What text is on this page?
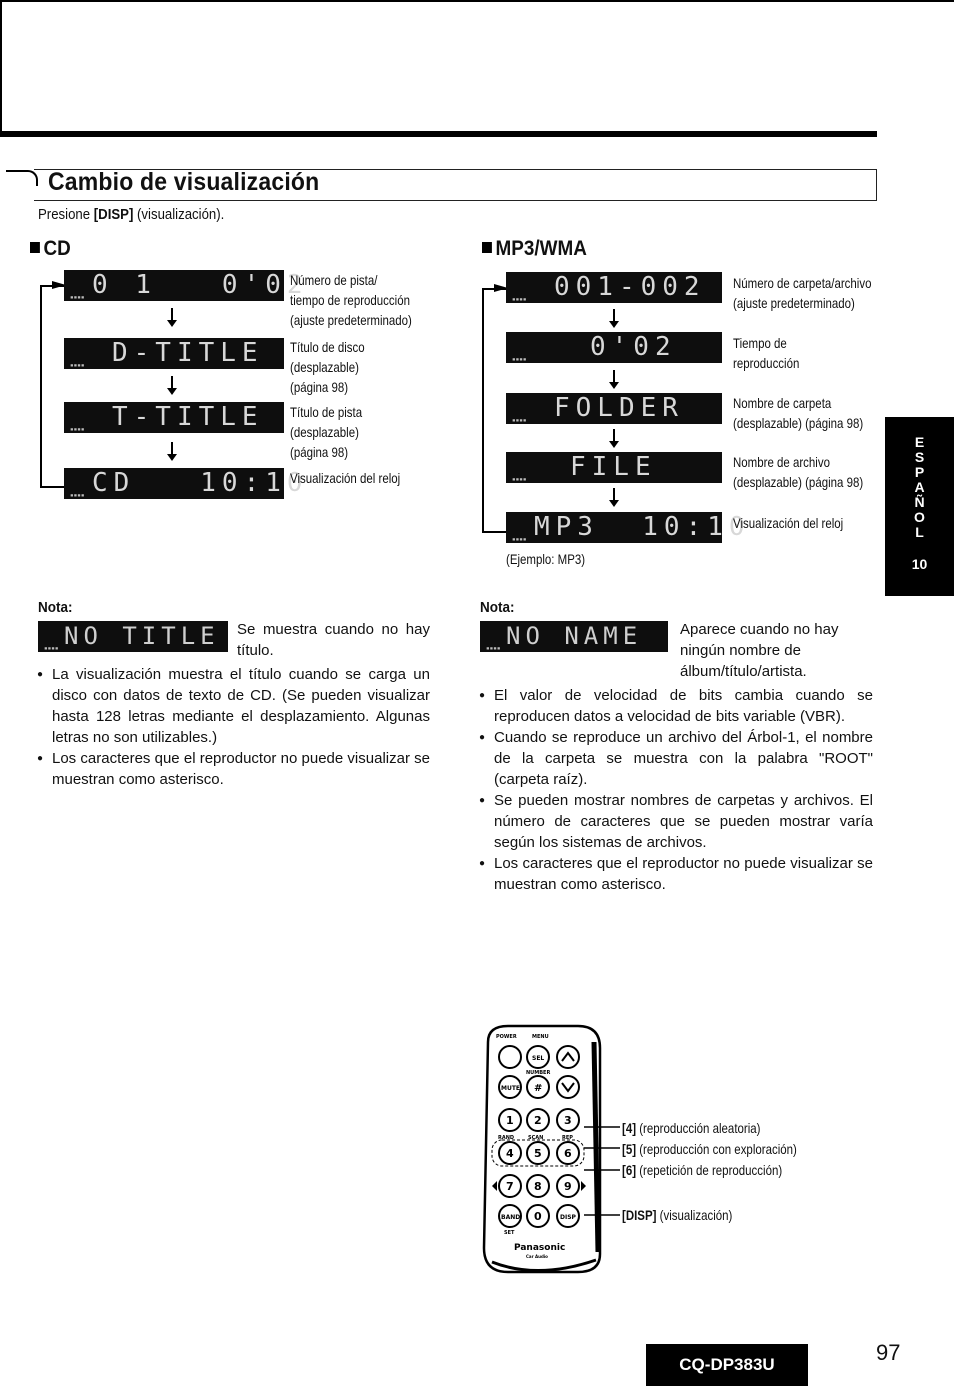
Cambio de visualización
Presione [DISP] (visualización).
CD
▪▪▪▪ 0 1   0'02
▪▪▪▪ D-TITLE
▪▪▪▪ T-TITLE
▪▪▪▪ CD   10:10
Número de pista/
tiempo de reproducción
(ajuste predeterminado)
Título de disco
(desplazable)
(página 98)
Título de pista
(desplazable)
(página 98)
Visualización del reloj
MP3/WMA
▪▪▪▪ 001-002
▪▪▪▪ 0'02
▪▪▪▪ FOLDER
▪▪▪▪ FILE
▪▪▪▪ MP3  10:10
(Ejemplo: MP3)
Número de carpeta/archivo
(ajuste predeterminado)
Tiempo de
reproducción
Nombre de carpeta
(desplazable) (página 98)
Nombre de archivo
(desplazable) (página 98)
Visualización del reloj
E
S
P
A
Ñ
O
L
10
Nota:
▪▪▪▪ NO TITLE Se muestra cuando no hay título.
● La visualización muestra el título cuando se carga un disco con datos de texto de CD. (Se pueden visualizar hasta 128 letras mediante el desplazamiento. Algunas letras no son utilizables.)
● Los caracteres que el reproductor no puede visualizar se muestran como asterisco.
Nota:
▪▪▪▪ NO NAME	Aparece cuando no hay ningún nombre de álbum/título/artista.
● El valor de velocidad de bits cambia cuando se reproducen datos a velocidad de bits variable (VBR).
● Cuando se reproduce un archivo del Árbol-1, el nombre de la carpeta se muestra con la palabra "ROOT" (carpeta raíz).
● Se pueden mostrar nombres de carpetas y archivos. El número de caracteres que se pueden mostrar varía según los sistemas de archivos.
● Los caracteres que el reproductor no puede visualizar se muestran como asterisco.
POWER	MENU
SEL
NUMBER
MUTE #
1 2 3
RAND	SCAN	REP
4 5 6
7 8 9
BAND 0	DISP
SET
Panasonic
Car Audio
[4] (reproducción aleatoria)
[5] (reproducción con exploración)
[6] (repetición de reproducción)
[DISP] (visualización)
CQ-DP383U	97
